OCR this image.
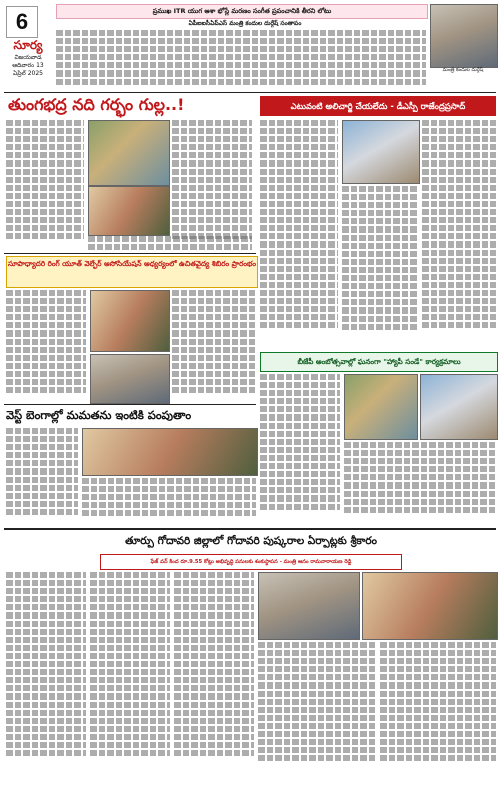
6
సూర్య
విజయవాడ
ఆదివారం 13
ఏప్రిల్ 2025
ప్రముఖ ITR యుగ ఆశా భోస్లే మరణం సంగీత ప్రపంచానికి తీరని లోటు
ఏపీఐఐసీఏప్ఎస్ మంత్రి కందుల దుర్గేష్ సంతాపం
మంత్రి కందుల దుర్గేష్
తుంగభద్ర నది గర్భం గుల్ల..!	ఎటువంటి అలిచార్జి చేయలేదు - డీఎస్పీ రాజేంద్రప్రసాద్
సూపాధ్యాదరి రింగ్ యూత్ వెల్ఫేర్ అసోసియేషన్ అధ్యర్యంలో ఉచితవైద్య శిబిరం ప్రారంభం
బీజేపీ అంబోత్సవాల్లో ఘనంగా "హ్యాపీ సండే" కార్యక్రమాలు
వెస్ట్ బెంగాల్లో మమతను ఇంటికి పంపుతాం
తూర్పు గోదావరి జిల్లాలో గోదావరి పుష్కరాల ఏర్పాట్లకు శ్రీకారం
ఫేజ్ వన్ కింద రూ.9.55 కోట్లు అభివృద్ధి పనులకు శంకుస్థాపన - మంత్రి ఆనం రామనారాయణ రెడ్డి
